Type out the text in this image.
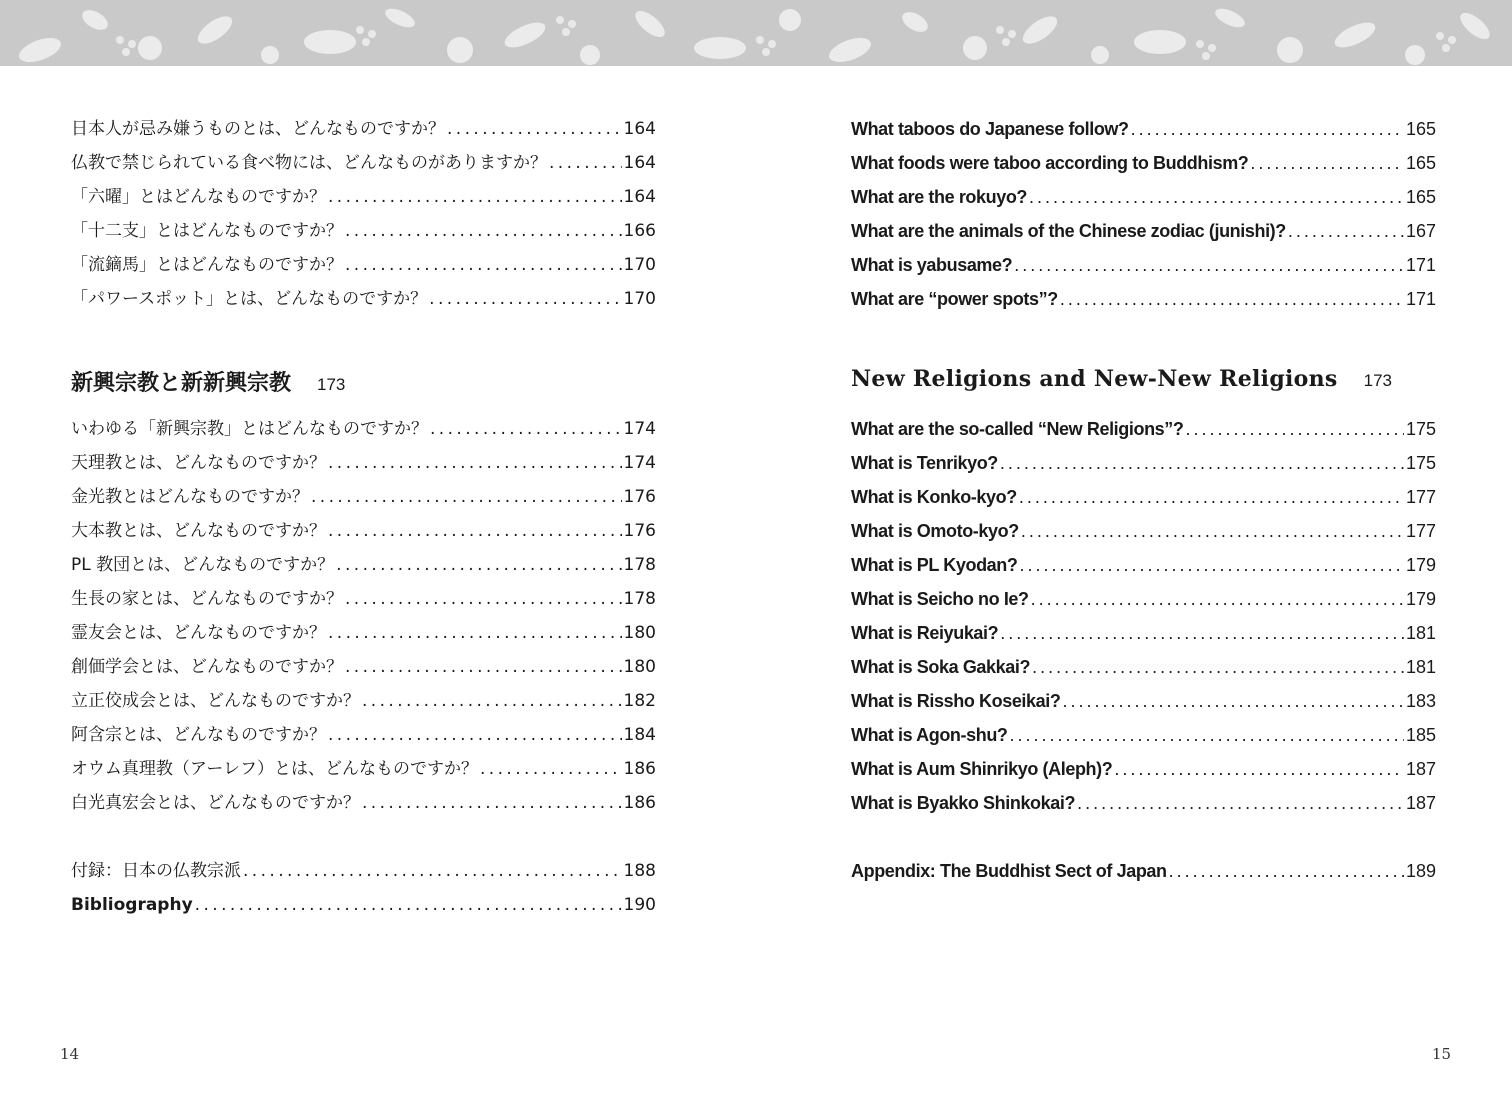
日本人が忌み嫌うものとは、どんなものですか？ . . .	164
仏教で禁じられている食べ物には、どんなものがありますか？ . . .	164
「六曜」とはどんなものですか？ . . .	164
「十二支」とはどんなものですか？ . . .	166
「流鏑馬」とはどんなものですか？ . . .	170
「パワースポット」とは、どんなものですか？ . . .	170
新興宗教と新新興宗教 173
いわゆる「新興宗教」とはどんなものですか？ . . .	174
天理教とは、どんなものですか？ . . .	174
金光教とはどんなものですか？ . . .	176
大本教とは、どんなものですか？ . . .	176
PL 教団とは、どんなものですか？ . . .	178
生長の家とは、どんなものですか？ . . .	178
霊友会とは、どんなものですか？ . . .	180
創価学会とは、どんなものですか？ . . .	180
立正佼成会とは、どんなものですか？ . . .	182
阿含宗とは、どんなものですか？ . . .	184
オウム真理教（アーレフ）とは、どんなものですか？ . . .	186
白光真宏会とは、どんなものですか？ . . .	186
付録：日本の仏教宗派 . . .	188
Bibliography . . .	190
What taboos do Japanese follow? . . .	165
What foods were taboo according to Buddhism? . . .	165
What are the rokuyo? . . .	165
What are the animals of the Chinese zodiac (junishi)? . . .	167
What is yabusame? . . .	171
What are “power spots”? . . .	171
New Religions and New-New Religions 173
What are the so-called “New Religions”? . . .	175
What is Tenrikyo? . . .	175
What is Konko-kyo? . . .	177
What is Omoto-kyo? . . .	177
What is PL Kyodan? . . .	179
What is Seicho no Ie? . . .	179
What is Reiyukai? . . .	181
What is Soka Gakkai? . . .	181
What is Rissho Koseikai? . . .	183
What is Agon-shu? . . .	185
What is Aum Shinrikyo (Aleph)? . . .	187
What is Byakko Shinkokai? . . .	187
Appendix: The Buddhist Sect of Japan . . .	189
14	15
